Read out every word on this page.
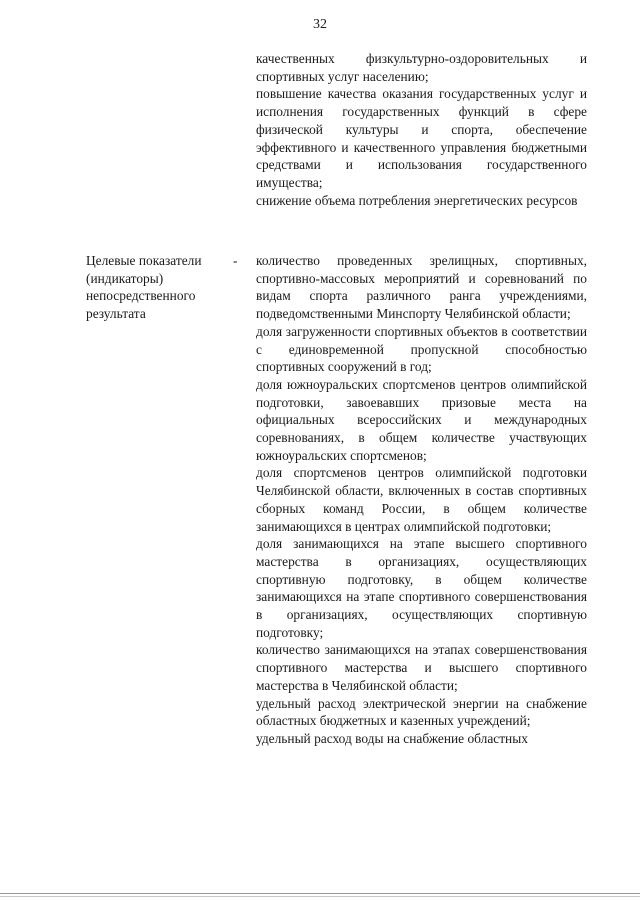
32

качественных физкультурно-оздоровительных и спортивных услуг населению;

повышение качества оказания государственных услуг и исполнения государственных функций в сфере физической культуры и спорта, обеспечение эффективного и качественного управления бюджетными средствами и использования государственного имущества;

снижение объема потребления энергетических ресурсов

Целевые показатели (индикаторы) непосредственного результата
- количество проведенных зрелищных, спортивных, спортивно-массовых мероприятий и соревнований по видам спорта различного ранга учреждениями, подведомственными Минспорту Челябинской области;

доля загруженности спортивных объектов в соответствии с единовременной пропускной способностью спортивных сооружений в год;

доля южноуральских спортсменов центров олимпийской подготовки, завоевавших призовые места на официальных всероссийских и международных соревнованиях, в общем количестве участвующих южноуральских спортсменов;

доля спортсменов центров олимпийской подготовки Челябинской области, включенных в состав спортивных сборных команд России, в общем количестве занимающихся в центрах олимпийской подготовки;

доля занимающихся на этапе высшего спортивного мастерства в организациях, осуществляющих спортивную подготовку, в общем количестве занимающихся на этапе спортивного совершенствования в организациях, осуществляющих спортивную подготовку;

количество занимающихся на этапах совершенствования спортивного мастерства и высшего спортивного мастерства в Челябинской области;

удельный расход электрической энергии на снабжение областных бюджетных и казенных учреждений;

удельный расход воды на снабжение областных
